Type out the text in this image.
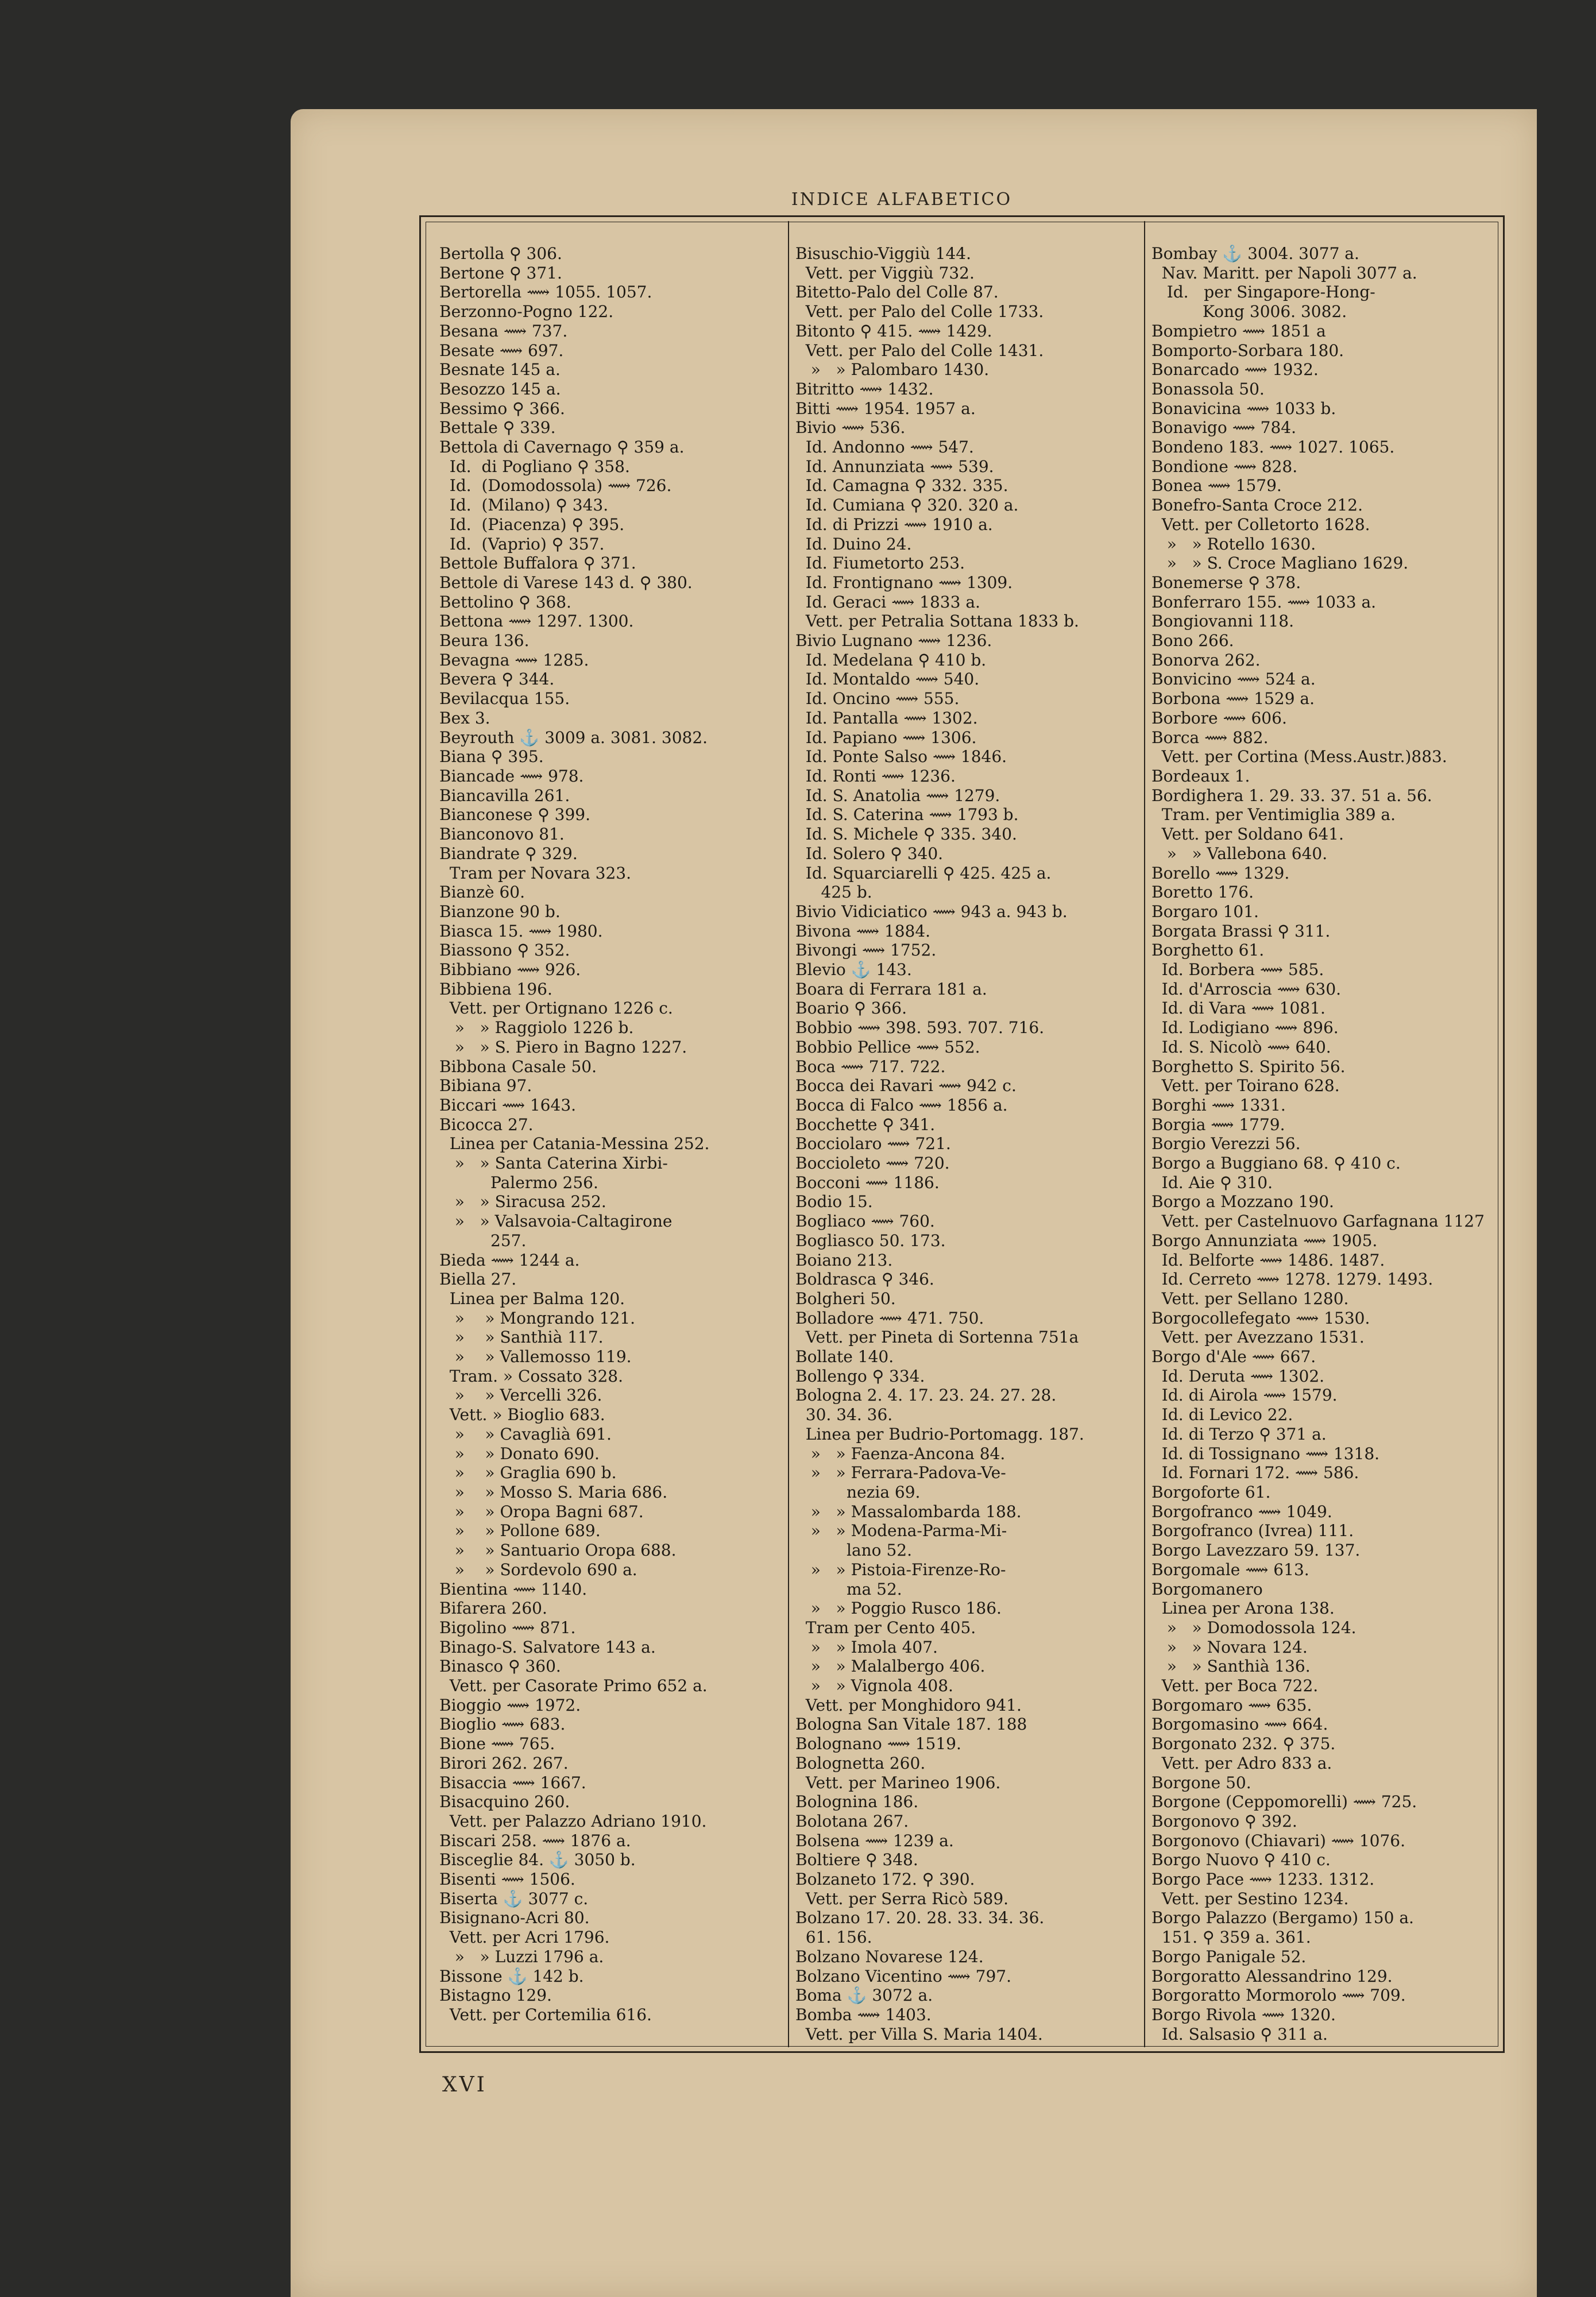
INDICE ALFABETICO
Bertolla ⚲ 306.
Bertone ⚲ 371.
Bertorella ⟿ 1055. 1057.
Berzonno-Pogno 122.
Besana ⟿ 737.
Besate ⟿ 697.
Besnate 145 a.
Besozzo 145 a.
Bessimo ⚲ 366.
Bettale ⚲ 339.
Bettola di Cavernago ⚲ 359 a.
Id.  di Pogliano ⚲ 358.
Id.  (Domodossola) ⟿ 726.
Id.  (Milano) ⚲ 343.
Id.  (Piacenza) ⚲ 395.
Id.  (Vaprio) ⚲ 357.
Bettole Buffalora ⚲ 371.
Bettole di Varese 143 d. ⚲ 380.
Bettolino ⚲ 368.
Bettona ⟿ 1297. 1300.
Beura 136.
Bevagna ⟿ 1285.
Bevera ⚲ 344.
Bevilacqua 155.
Bex 3.
Beyrouth ⚓ 3009 a. 3081. 3082.
Biana ⚲ 395.
Biancade ⟿ 978.
Biancavilla 261.
Bianconese ⚲ 399.
Bianconovo 81.
Biandrate ⚲ 329.
Tram per Novara 323.
Bianzè 60.
Bianzone 90 b.
Biasca 15. ⟿ 1980.
Biassono ⚲ 352.
Bibbiano ⟿ 926.
Bibbiena 196.
Vett. per Ortignano 1226 c.
»   » Raggiolo 1226 b.
»   » S. Piero in Bagno 1227.
Bibbona Casale 50.
Bibiana 97.
Biccari ⟿ 1643.
Bicocca 27.
Linea per Catania-Messina 252.
»   » Santa Caterina Xirbi-
Palermo 256.
»   » Siracusa 252.
»   » Valsavoia-Caltagirone
257.
Bieda ⟿ 1244 a.
Biella 27.
Linea per Balma 120.
»    » Mongrando 121.
»    » Santhià 117.
»    » Vallemosso 119.
Tram. » Cossato 328.
»    » Vercelli 326.
Vett. » Bioglio 683.
»    » Cavaglià 691.
»    » Donato 690.
»    » Graglia 690 b.
»    » Mosso S. Maria 686.
»    » Oropa Bagni 687.
»    » Pollone 689.
»    » Santuario Oropa 688.
»    » Sordevolo 690 a.
Bientina ⟿ 1140.
Bifarera 260.
Bigolino ⟿ 871.
Binago-S. Salvatore 143 a.
Binasco ⚲ 360.
Vett. per Casorate Primo 652 a.
Bioggio ⟿ 1972.
Bioglio ⟿ 683.
Bione ⟿ 765.
Birori 262. 267.
Bisaccia ⟿ 1667.
Bisacquino 260.
Vett. per Palazzo Adriano 1910.
Biscari 258. ⟿ 1876 a.
Bisceglie 84. ⚓ 3050 b.
Bisenti ⟿ 1506.
Biserta ⚓ 3077 c.
Bisignano-Acri 80.
Vett. per Acri 1796.
»   » Luzzi 1796 a.
Bissone ⚓ 142 b.
Bistagno 129.
Vett. per Cortemilia 616.
Bisuschio-Viggiù 144.
Vett. per Viggiù 732.
Bitetto-Palo del Colle 87.
Vett. per Palo del Colle 1733.
Bitonto ⚲ 415. ⟿ 1429.
Vett. per Palo del Colle 1431.
»   » Palombaro 1430.
Bitritto ⟿ 1432.
Bitti ⟿ 1954. 1957 a.
Bivio ⟿ 536.
Id. Andonno ⟿ 547.
Id. Annunziata ⟿ 539.
Id. Camagna ⚲ 332. 335.
Id. Cumiana ⚲ 320. 320 a.
Id. di Prizzi ⟿ 1910 a.
Id. Duino 24.
Id. Fiumetorto 253.
Id. Frontignano ⟿ 1309.
Id. Geraci ⟿ 1833 a.
Vett. per Petralia Sottana 1833 b.
Bivio Lugnano ⟿ 1236.
Id. Medelana ⚲ 410 b.
Id. Montaldo ⟿ 540.
Id. Oncino ⟿ 555.
Id. Pantalla ⟿ 1302.
Id. Papiano ⟿ 1306.
Id. Ponte Salso ⟿ 1846.
Id. Ronti ⟿ 1236.
Id. S. Anatolia ⟿ 1279.
Id. S. Caterina ⟿ 1793 b.
Id. S. Michele ⚲ 335. 340.
Id. Solero ⚲ 340.
Id. Squarciarelli ⚲ 425. 425 a.
425 b.
Bivio Vidiciatico ⟿ 943 a. 943 b.
Bivona ⟿ 1884.
Bivongi ⟿ 1752.
Blevio ⚓ 143.
Boara di Ferrara 181 a.
Boario ⚲ 366.
Bobbio ⟿ 398. 593. 707. 716.
Bobbio Pellice ⟿ 552.
Boca ⟿ 717. 722.
Bocca dei Ravari ⟿ 942 c.
Bocca di Falco ⟿ 1856 a.
Bocchette ⚲ 341.
Bocciolaro ⟿ 721.
Boccioleto ⟿ 720.
Bocconi ⟿ 1186.
Bodio 15.
Bogliaco ⟿ 760.
Bogliasco 50. 173.
Boiano 213.
Boldrasca ⚲ 346.
Bolgheri 50.
Bolladore ⟿ 471. 750.
Vett. per Pineta di Sortenna 751a
Bollate 140.
Bollengo ⚲ 334.
Bologna 2. 4. 17. 23. 24. 27. 28.
30. 34. 36.
Linea per Budrio-Portomagg. 187.
»   » Faenza-Ancona 84.
»   » Ferrara-Padova-Ve-
nezia 69.
»   » Massalombarda 188.
»   » Modena-Parma-Mi-
lano 52.
»   » Pistoia-Firenze-Ro-
ma 52.
»   » Poggio Rusco 186.
Tram per Cento 405.
»   » Imola 407.
»   » Malalbergo 406.
»   » Vignola 408.
Vett. per Monghidoro 941.
Bologna San Vitale 187. 188
Bolognano ⟿ 1519.
Bolognetta 260.
Vett. per Marineo 1906.
Bolognina 186.
Bolotana 267.
Bolsena ⟿ 1239 a.
Boltiere ⚲ 348.
Bolzaneto 172. ⚲ 390.
Vett. per Serra Ricò 589.
Bolzano 17. 20. 28. 33. 34. 36.
61. 156.
Bolzano Novarese 124.
Bolzano Vicentino ⟿ 797.
Boma ⚓ 3072 a.
Bomba ⟿ 1403.
Vett. per Villa S. Maria 1404.
Bombay ⚓ 3004. 3077 a.
Nav. Maritt. per Napoli 3077 a.
Id.   per Singapore-Hong-
Kong 3006. 3082.
Bompietro ⟿ 1851 a
Bomporto-Sorbara 180.
Bonarcado ⟿ 1932.
Bonassola 50.
Bonavicina ⟿ 1033 b.
Bonavigo ⟿ 784.
Bondeno 183. ⟿ 1027. 1065.
Bondione ⟿ 828.
Bonea ⟿ 1579.
Bonefro-Santa Croce 212.
Vett. per Colletorto 1628.
»   » Rotello 1630.
»   » S. Croce Magliano 1629.
Bonemerse ⚲ 378.
Bonferraro 155. ⟿ 1033 a.
Bongiovanni 118.
Bono 266.
Bonorva 262.
Bonvicino ⟿ 524 a.
Borbona ⟿ 1529 a.
Borbore ⟿ 606.
Borca ⟿ 882.
Vett. per Cortina (Mess.Austr.)883.
Bordeaux 1.
Bordighera 1. 29. 33. 37. 51 a. 56.
Tram. per Ventimiglia 389 a.
Vett. per Soldano 641.
»   » Vallebona 640.
Borello ⟿ 1329.
Boretto 176.
Borgaro 101.
Borgata Brassi ⚲ 311.
Borghetto 61.
Id. Borbera ⟿ 585.
Id. d'Arroscia ⟿ 630.
Id. di Vara ⟿ 1081.
Id. Lodigiano ⟿ 896.
Id. S. Nicolò ⟿ 640.
Borghetto S. Spirito 56.
Vett. per Toirano 628.
Borghi ⟿ 1331.
Borgia ⟿ 1779.
Borgio Verezzi 56.
Borgo a Buggiano 68. ⚲ 410 c.
Id. Aie ⚲ 310.
Borgo a Mozzano 190.
Vett. per Castelnuovo Garfagnana 1127
Borgo Annunziata ⟿ 1905.
Id. Belforte ⟿ 1486. 1487.
Id. Cerreto ⟿ 1278. 1279. 1493.
Vett. per Sellano 1280.
Borgocollefegato ⟿ 1530.
Vett. per Avezzano 1531.
Borgo d'Ale ⟿ 667.
Id. Deruta ⟿ 1302.
Id. di Airola ⟿ 1579.
Id. di Levico 22.
Id. di Terzo ⚲ 371 a.
Id. di Tossignano ⟿ 1318.
Id. Fornari 172. ⟿ 586.
Borgoforte 61.
Borgofranco ⟿ 1049.
Borgofranco (Ivrea) 111.
Borgo Lavezzaro 59. 137.
Borgomale ⟿ 613.
Borgomanero
Linea per Arona 138.
»   » Domodossola 124.
»   » Novara 124.
»   » Santhià 136.
Vett. per Boca 722.
Borgomaro ⟿ 635.
Borgomasino ⟿ 664.
Borgonato 232. ⚲ 375.
Vett. per Adro 833 a.
Borgone 50.
Borgone (Ceppomorelli) ⟿ 725.
Borgonovo ⚲ 392.
Borgonovo (Chiavari) ⟿ 1076.
Borgo Nuovo ⚲ 410 c.
Borgo Pace ⟿ 1233. 1312.
Vett. per Sestino 1234.
Borgo Palazzo (Bergamo) 150 a.
151. ⚲ 359 a. 361.
Borgo Panigale 52.
Borgoratto Alessandrino 129.
Borgoratto Mormorolo ⟿ 709.
Borgo Rivola ⟿ 1320.
Id. Salsasio ⚲ 311 a.
XVI
